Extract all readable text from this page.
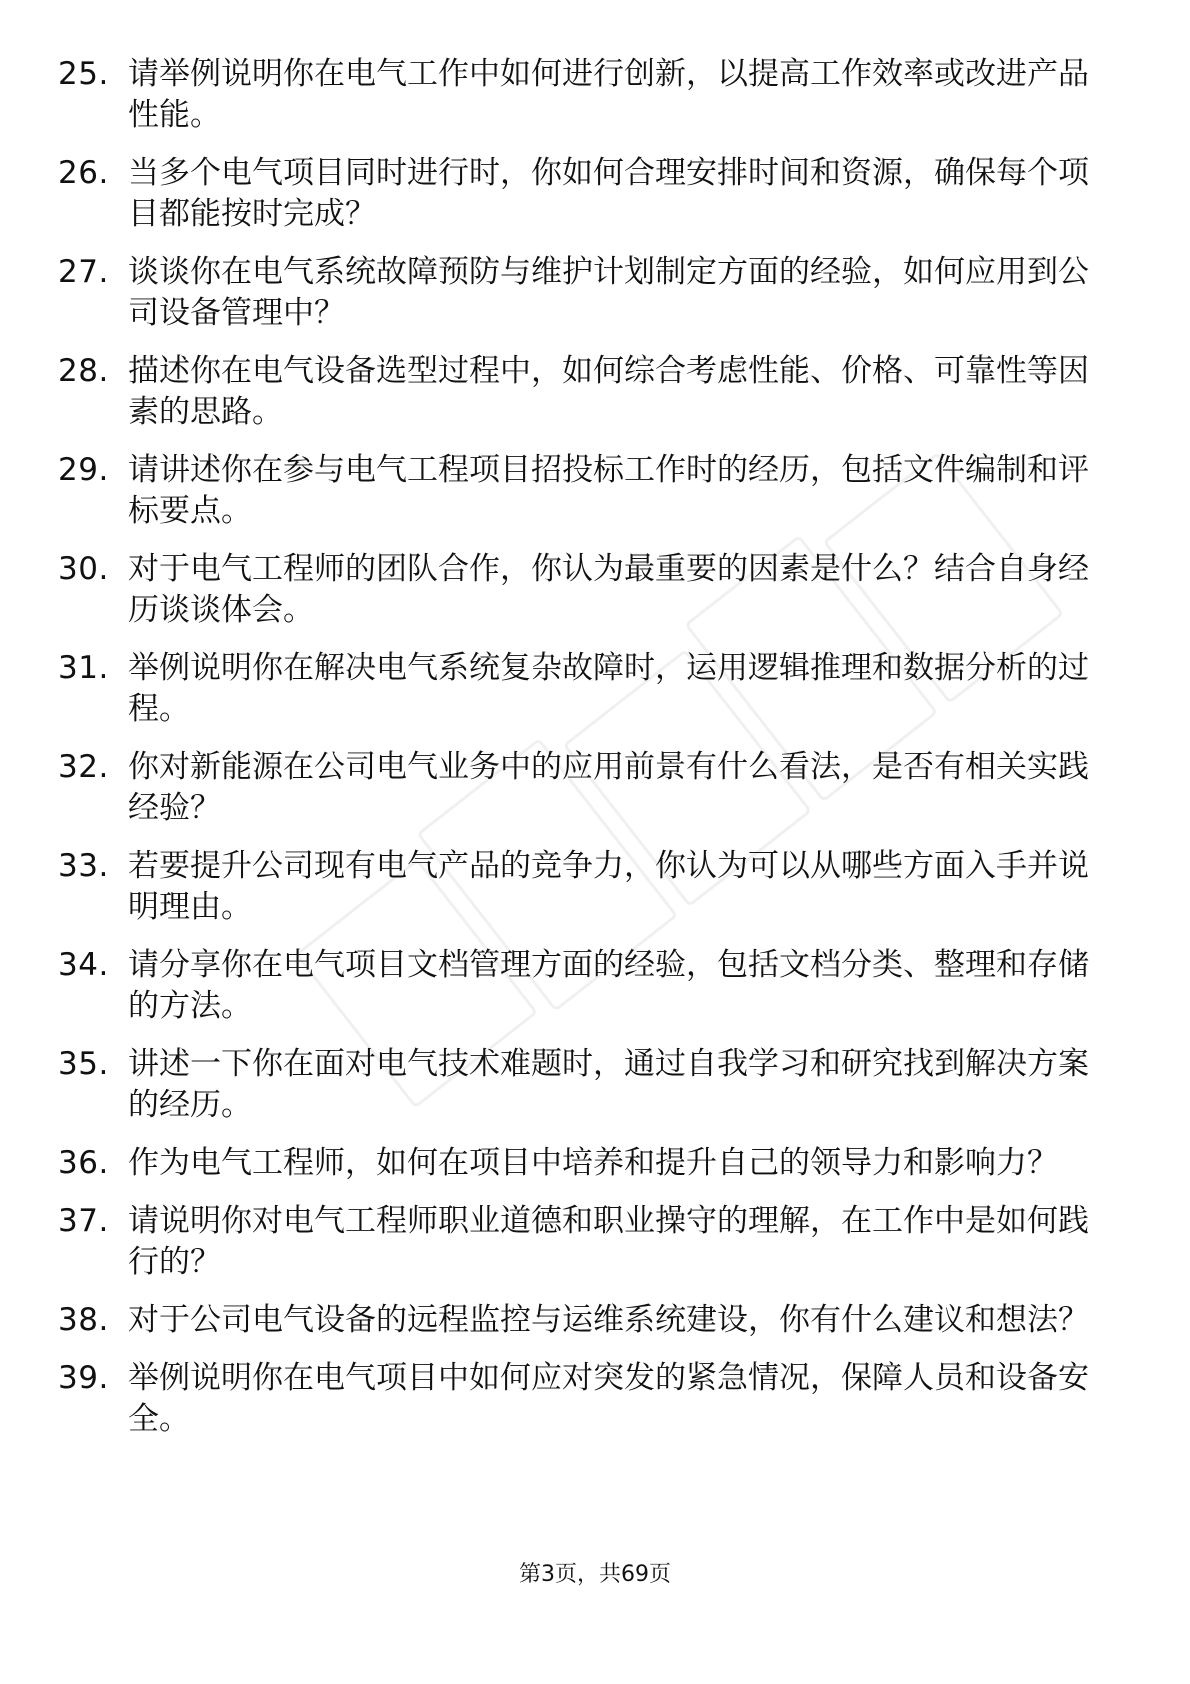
25. 请举例说明你在电气工作中如何进行创新，以提高工作效率或改进产品性能。
26. 当多个电气项目同时进行时，你如何合理安排时间和资源，确保每个项目都能按时完成？
27. 谈谈你在电气系统故障预防与维护计划制定方面的经验，如何应用到公司设备管理中？
28. 描述你在电气设备选型过程中，如何综合考虑性能、价格、可靠性等因素的思路。
29. 请讲述你在参与电气工程项目招投标工作时的经历，包括文件编制和评标要点。
30. 对于电气工程师的团队合作，你认为最重要的因素是什么？结合自身经历谈谈体会。
31. 举例说明你在解决电气系统复杂故障时，运用逻辑推理和数据分析的过程。
32. 你对新能源在公司电气业务中的应用前景有什么看法，是否有相关实践经验？
33. 若要提升公司现有电气产品的竞争力，你认为可以从哪些方面入手并说明理由。
34. 请分享你在电气项目文档管理方面的经验，包括文档分类、整理和存储的方法。
35. 讲述一下你在面对电气技术难题时，通过自我学习和研究找到解决方案的经历。
36. 作为电气工程师，如何在项目中培养和提升自己的领导力和影响力？
37. 请说明你对电气工程师职业道德和职业操守的理解，在工作中是如何践行的？
38. 对于公司电气设备的远程监控与运维系统建设，你有什么建议和想法？
39. 举例说明你在电气项目中如何应对突发的紧急情况，保障人员和设备安全。
第3页，共69页
